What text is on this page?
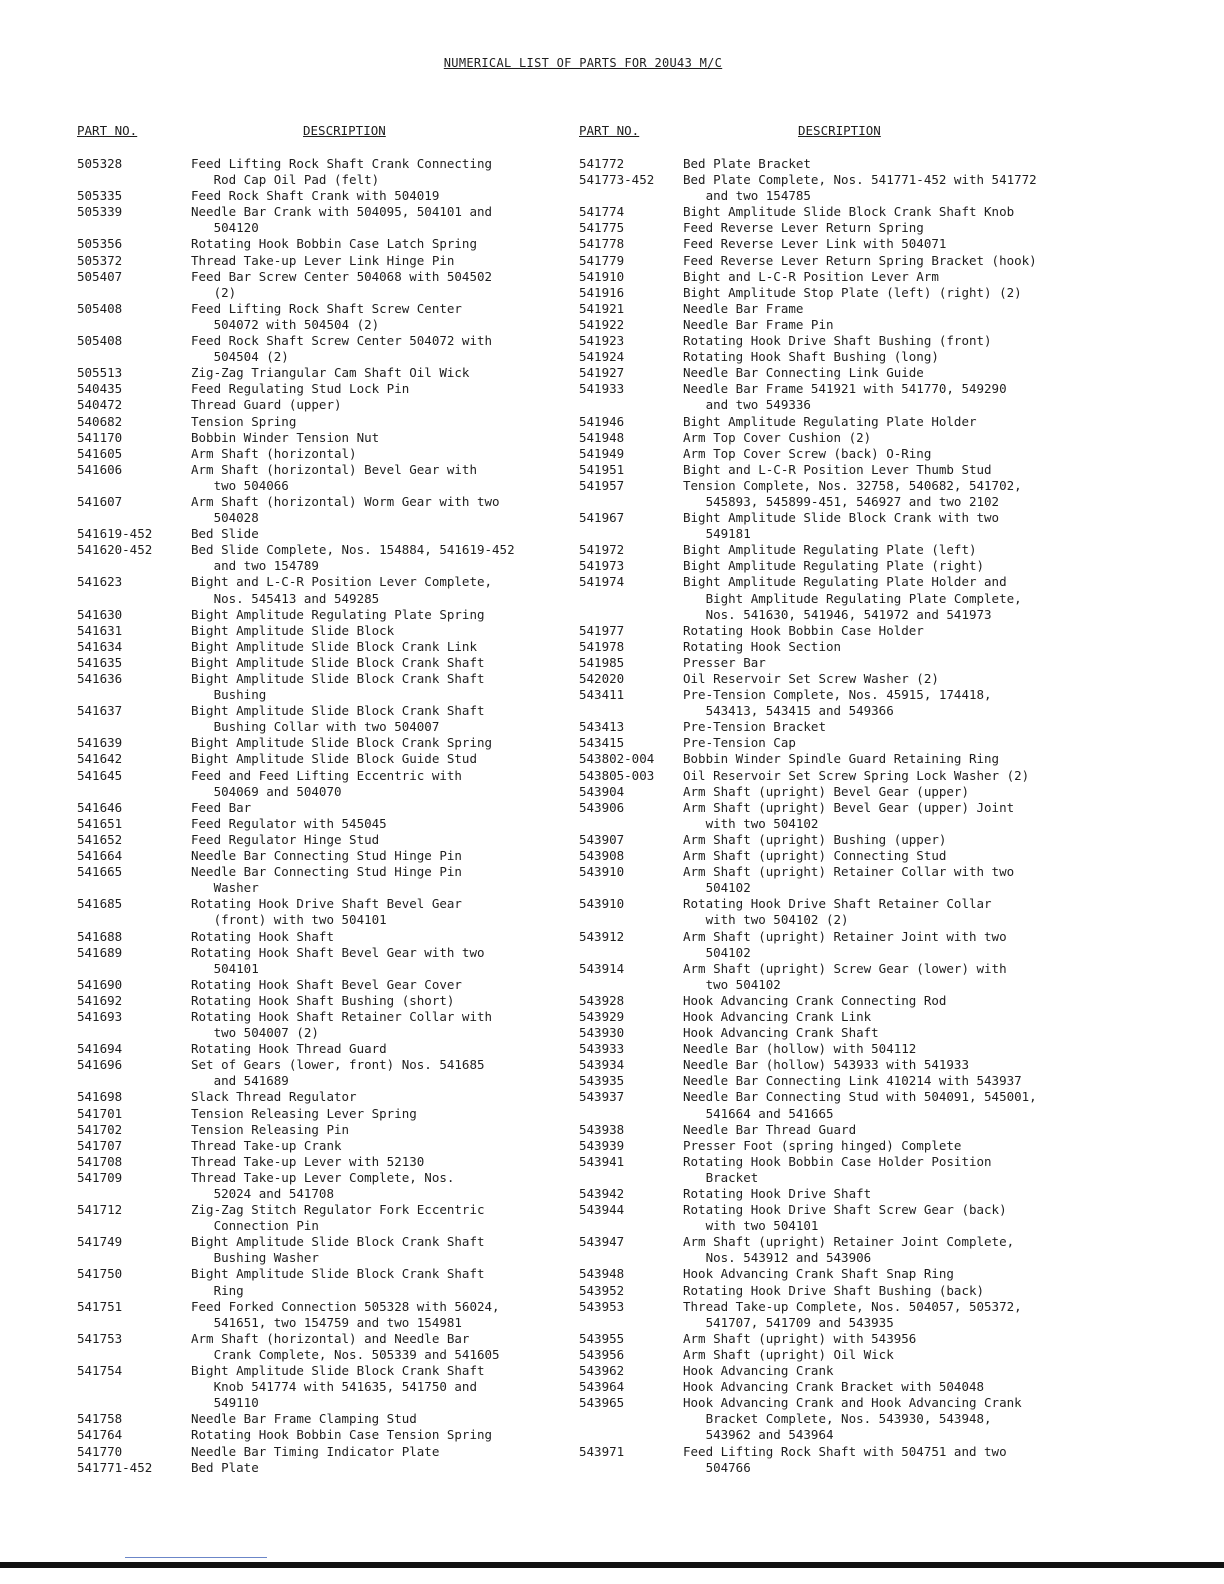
NUMERICAL LIST OF PARTS FOR 20U43 M/C
PART NO.	DESCRIPTION	PART NO.	DESCRIPTION
505328	Feed Lifting Rock Shaft Crank Connecting
Rod Cap Oil Pad (felt)
505335	Feed Rock Shaft Crank with 504019
505339	Needle Bar Crank with 504095, 504101 and
504120
505356	Rotating Hook Bobbin Case Latch Spring
505372	Thread Take-up Lever Link Hinge Pin
505407	Feed Bar Screw Center 504068 with 504502
(2)
505408	Feed Lifting Rock Shaft Screw Center
504072 with 504504 (2)
505408	Feed Rock Shaft Screw Center 504072 with
504504 (2)
505513	Zig-Zag Triangular Cam Shaft Oil Wick
540435	Feed Regulating Stud Lock Pin
540472	Thread Guard (upper)
540682	Tension Spring
541170	Bobbin Winder Tension Nut
541605	Arm Shaft (horizontal)
541606	Arm Shaft (horizontal) Bevel Gear with
two 504066
541607	Arm Shaft (horizontal) Worm Gear with two
504028
541619-452	Bed Slide
541620-452	Bed Slide Complete, Nos. 154884, 541619-452
and two 154789
541623	Bight and L-C-R Position Lever Complete,
Nos. 545413 and 549285
541630	Bight Amplitude Regulating Plate Spring
541631	Bight Amplitude Slide Block
541634	Bight Amplitude Slide Block Crank Link
541635	Bight Amplitude Slide Block Crank Shaft
541636	Bight Amplitude Slide Block Crank Shaft
Bushing
541637	Bight Amplitude Slide Block Crank Shaft
Bushing Collar with two 504007
541639	Bight Amplitude Slide Block Crank Spring
541642	Bight Amplitude Slide Block Guide Stud
541645	Feed and Feed Lifting Eccentric with
504069 and 504070
541646	Feed Bar
541651	Feed Regulator with 545045
541652	Feed Regulator Hinge Stud
541664	Needle Bar Connecting Stud Hinge Pin
541665	Needle Bar Connecting Stud Hinge Pin
Washer
541685	Rotating Hook Drive Shaft Bevel Gear
(front) with two 504101
541688	Rotating Hook Shaft
541689	Rotating Hook Shaft Bevel Gear with two
504101
541690	Rotating Hook Shaft Bevel Gear Cover
541692	Rotating Hook Shaft Bushing (short)
541693	Rotating Hook Shaft Retainer Collar with
two 504007 (2)
541694	Rotating Hook Thread Guard
541696	Set of Gears (lower, front) Nos. 541685
and 541689
541698	Slack Thread Regulator
541701	Tension Releasing Lever Spring
541702	Tension Releasing Pin
541707	Thread Take-up Crank
541708	Thread Take-up Lever with 52130
541709	Thread Take-up Lever Complete, Nos.
52024 and 541708
541712	Zig-Zag Stitch Regulator Fork Eccentric
Connection Pin
541749	Bight Amplitude Slide Block Crank Shaft
Bushing Washer
541750	Bight Amplitude Slide Block Crank Shaft
Ring
541751	Feed Forked Connection 505328 with 56024,
541651, two 154759 and two 154981
541753	Arm Shaft (horizontal) and Needle Bar
Crank Complete, Nos. 505339 and 541605
541754	Bight Amplitude Slide Block Crank Shaft
Knob 541774 with 541635, 541750 and
549110
541758	Needle Bar Frame Clamping Stud
541764	Rotating Hook Bobbin Case Tension Spring
541770	Needle Bar Timing Indicator Plate
541771-452	Bed Plate
541772	Bed Plate Bracket
541773-452	Bed Plate Complete, Nos. 541771-452 with 541772
and two 154785
541774	Bight Amplitude Slide Block Crank Shaft Knob
541775	Feed Reverse Lever Return Spring
541778	Feed Reverse Lever Link with 504071
541779	Feed Reverse Lever Return Spring Bracket (hook)
541910	Bight and L-C-R Position Lever Arm
541916	Bight Amplitude Stop Plate (left) (right) (2)
541921	Needle Bar Frame
541922	Needle Bar Frame Pin
541923	Rotating Hook Drive Shaft Bushing (front)
541924	Rotating Hook Shaft Bushing (long)
541927	Needle Bar Connecting Link Guide
541933	Needle Bar Frame 541921 with 541770, 549290
and two 549336
541946	Bight Amplitude Regulating Plate Holder
541948	Arm Top Cover Cushion (2)
541949	Arm Top Cover Screw (back) O-Ring
541951	Bight and L-C-R Position Lever Thumb Stud
541957	Tension Complete, Nos. 32758, 540682, 541702,
545893, 545899-451, 546927 and two 2102
541967	Bight Amplitude Slide Block Crank with two
549181
541972	Bight Amplitude Regulating Plate (left)
541973	Bight Amplitude Regulating Plate (right)
541974	Bight Amplitude Regulating Plate Holder and
Bight Amplitude Regulating Plate Complete,
Nos. 541630, 541946, 541972 and 541973
541977	Rotating Hook Bobbin Case Holder
541978	Rotating Hook Section
541985	Presser Bar
542020	Oil Reservoir Set Screw Washer (2)
543411	Pre-Tension Complete, Nos. 45915, 174418,
543413, 543415 and 549366
543413	Pre-Tension Bracket
543415	Pre-Tension Cap
543802-004	Bobbin Winder Spindle Guard Retaining Ring
543805-003	Oil Reservoir Set Screw Spring Lock Washer (2)
543904	Arm Shaft (upright) Bevel Gear (upper)
543906	Arm Shaft (upright) Bevel Gear (upper) Joint
with two 504102
543907	Arm Shaft (upright) Bushing (upper)
543908	Arm Shaft (upright) Connecting Stud
543910	Arm Shaft (upright) Retainer Collar with two
504102
543910	Rotating Hook Drive Shaft Retainer Collar
with two 504102 (2)
543912	Arm Shaft (upright) Retainer Joint with two
504102
543914	Arm Shaft (upright) Screw Gear (lower) with
two 504102
543928	Hook Advancing Crank Connecting Rod
543929	Hook Advancing Crank Link
543930	Hook Advancing Crank Shaft
543933	Needle Bar (hollow) with 504112
543934	Needle Bar (hollow) 543933 with 541933
543935	Needle Bar Connecting Link 410214 with 543937
543937	Needle Bar Connecting Stud with 504091, 545001,
541664 and 541665
543938	Needle Bar Thread Guard
543939	Presser Foot (spring hinged) Complete
543941	Rotating Hook Bobbin Case Holder Position
Bracket
543942	Rotating Hook Drive Shaft
543944	Rotating Hook Drive Shaft Screw Gear (back)
with two 504101
543947	Arm Shaft (upright) Retainer Joint Complete,
Nos. 543912 and 543906
543948	Hook Advancing Crank Shaft Snap Ring
543952	Rotating Hook Drive Shaft Bushing (back)
543953	Thread Take-up Complete, Nos. 504057, 505372,
541707, 541709 and 543935
543955	Arm Shaft (upright) with 543956
543956	Arm Shaft (upright) Oil Wick
543962	Hook Advancing Crank
543964	Hook Advancing Crank Bracket with 504048
543965	Hook Advancing Crank and Hook Advancing Crank
Bracket Complete, Nos. 543930, 543948,
543962 and 543964
543971	Feed Lifting Rock Shaft with 504751 and two
504766
